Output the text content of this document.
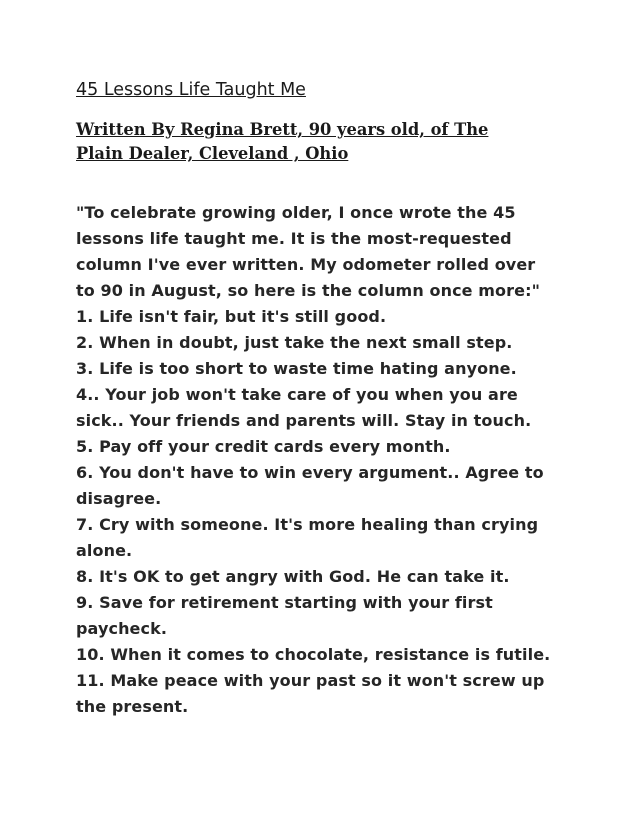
45 Lessons Life Taught Me

Written By Regina Brett, 90 years old, of The Plain Dealer, Cleveland , Ohio

"To celebrate growing older, I once wrote the 45 lessons life taught me. It is the most-requested column I've ever written. My odometer rolled over to 90 in August, so here is the column once more:"

1. Life isn't fair, but it's still good.
2. When in doubt, just take the next small step.
3. Life is too short to waste time hating anyone.
4.. Your job won't take care of you when you are sick.. Your friends and parents will. Stay in touch.
5. Pay off your credit cards every month.
6. You don't have to win every argument.. Agree to disagree.
7. Cry with someone. It's more healing than crying alone.
8. It's OK to get angry with God. He can take it.
9. Save for retirement starting with your first paycheck.
10. When it comes to chocolate, resistance is futile.
11. Make peace with your past so it won't screw up the present.
